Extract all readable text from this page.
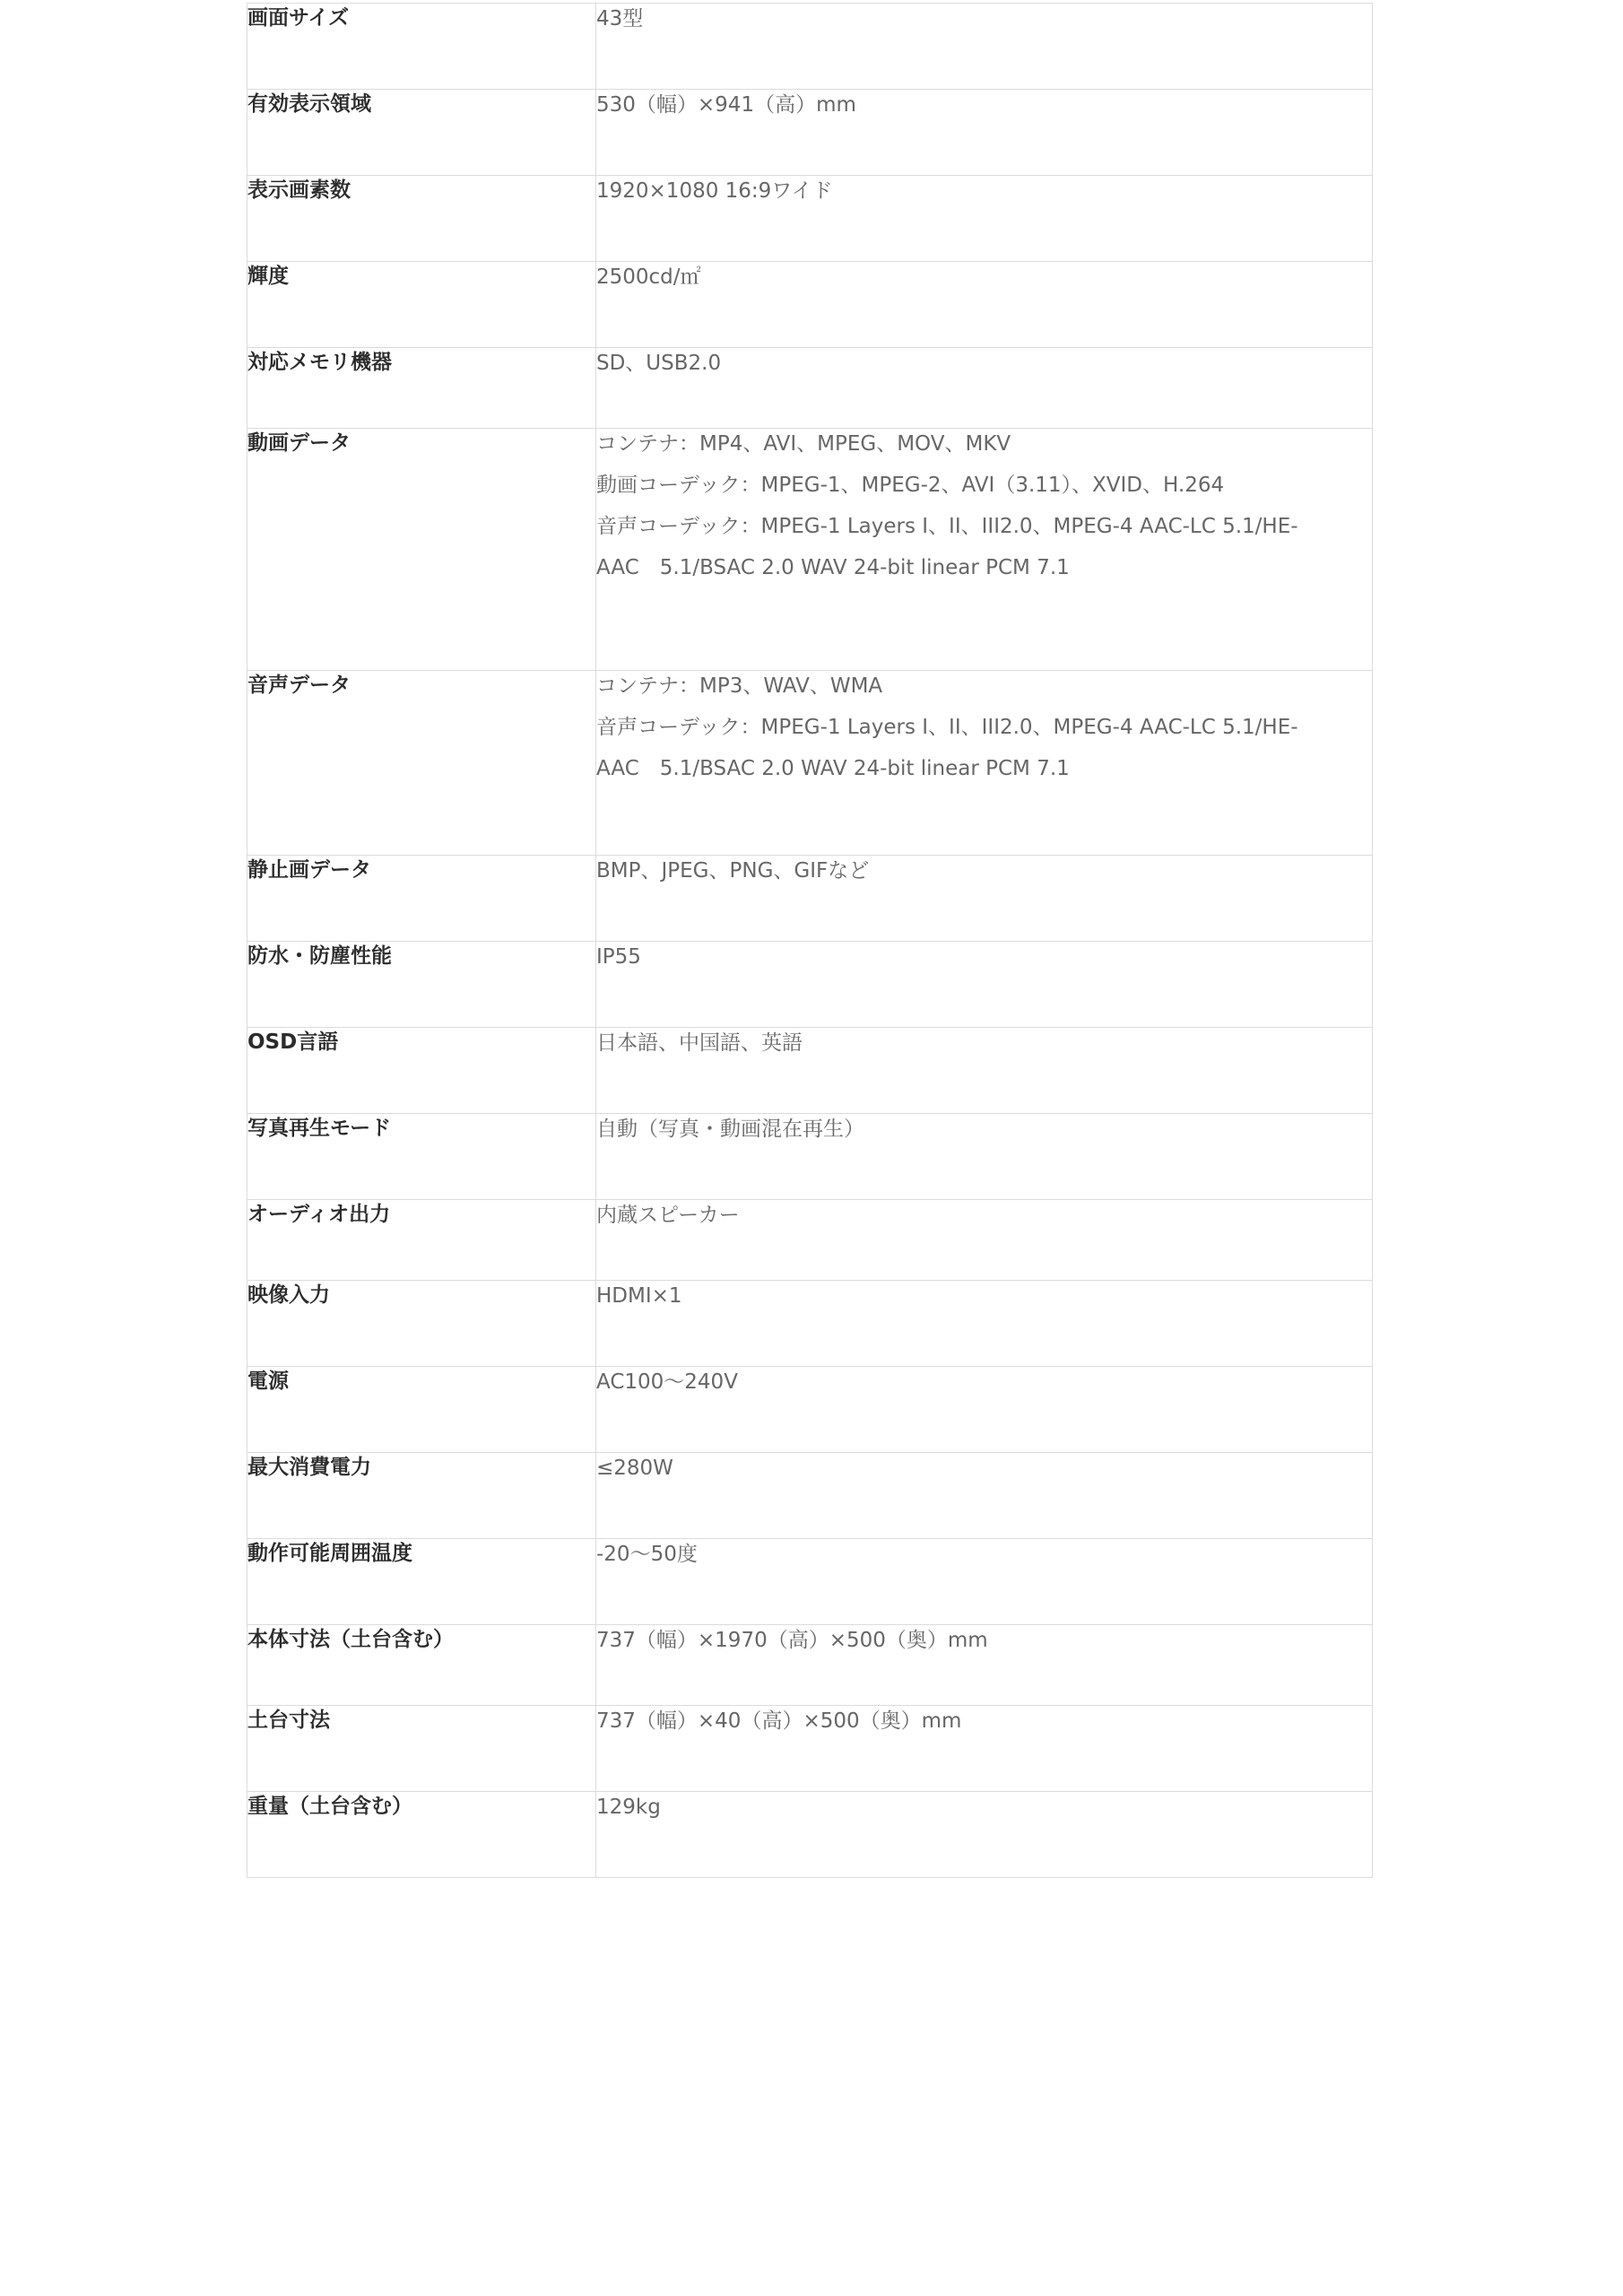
画面サイズ	43型

有効表示領域	530（幅）×941（高）mm

表示画素数	1920×1080 16:9ワイド

輝度	2500cd/㎡

対応メモリ機器	SD、USB2.0

動画データ	コンテナ：MP4、AVI、MPEG、MOV、MKV
動画コーデック：MPEG-1、MPEG-2、AVI（3.11）、XVID、H.264
音声コーデック：MPEG-1 Layers I、II、III2.0、MPEG-4 AAC-LC 5.1/HE-
AAC　5.1/BSAC 2.0 WAV 24-bit linear PCM 7.1

音声データ	コンテナ：MP3、WAV、WMA
音声コーデック：MPEG-1 Layers I、II、III2.0、MPEG-4 AAC-LC 5.1/HE-
AAC　5.1/BSAC 2.0 WAV 24-bit linear PCM 7.1

静止画データ	BMP、JPEG、PNG、GIFなど

防水・防塵性能	IP55

OSD言語	日本語、中国語、英語

写真再生モード	自動（写真・動画混在再生）

オーディオ出力	内蔵スピーカー

映像入力	HDMI×1

電源	AC100～240V

最大消費電力	≤280W

動作可能周囲温度	-20～50度

本体寸法（土台含む）	737（幅）×1970（高）×500（奥）mm

土台寸法	737（幅）×40（高）×500（奥）mm

重量（土台含む）	129kg
